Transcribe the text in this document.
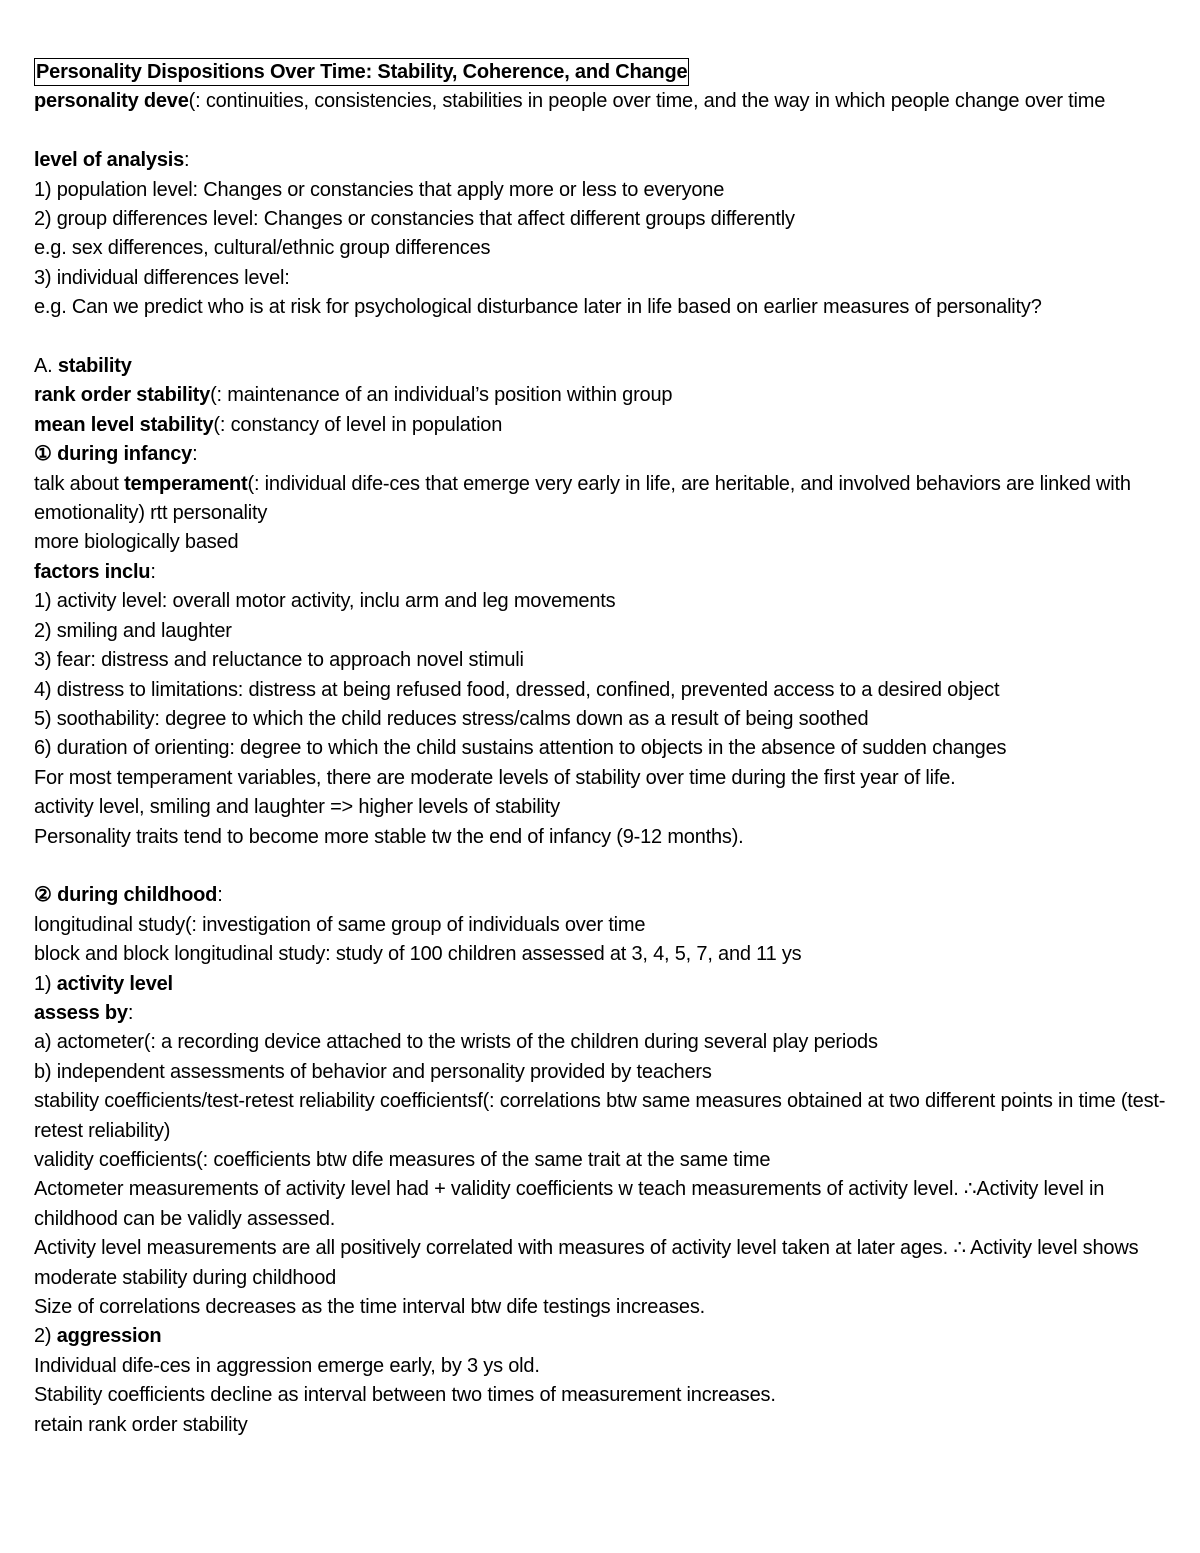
Personality Dispositions Over Time: Stability, Coherence, and Change
personality deve(: continuities, consistencies, stabilities in people over time, and the way in which people change over time
level of analysis:
1) population level: Changes or constancies that apply more or less to everyone
2) group differences level: Changes or constancies that affect different groups differently
e.g. sex differences, cultural/ethnic group differences
3) individual differences level:
e.g. Can we predict who is at risk for psychological disturbance later in life based on earlier measures of personality?
A. stability
rank order stability(: maintenance of an individual’s position within group
mean level stability(: constancy of level in population
① during infancy:
talk about temperament(: individual dife-ces that emerge very early in life, are heritable, and involved behaviors are linked with emotionality) rtt personality
more biologically based
factors inclu:
1) activity level: overall motor activity, inclu arm and leg movements
2) smiling and laughter
3) fear: distress and reluctance to approach novel stimuli
4) distress to limitations: distress at being refused food, dressed, confined, prevented access to a desired object
5) soothability: degree to which the child reduces stress/calms down as a result of being soothed
6) duration of orienting: degree to which the child sustains attention to objects in the absence of sudden changes
For most temperament variables, there are moderate levels of stability over time during the first year of life.
activity level, smiling and laughter => higher levels of stability
Personality traits tend to become more stable tw the end of infancy (9-12 months).
② during childhood:
longitudinal study(: investigation of same group of individuals over time
block and block longitudinal study: study of 100 children assessed at 3, 4, 5, 7, and 11 ys
1) activity level
assess by:
a) actometer(: a recording device attached to the wrists of the children during several play periods
b) independent assessments of behavior and personality provided by teachers
stability coefficients/test-retest reliability coefficientsf(: correlations btw same measures obtained at two different points in time (test-retest reliability)
validity coefficients(: coefficients btw dife measures of the same trait at the same time
Actometer measurements of activity level had + validity coefficients w teach measurements of activity level. ∴Activity level in childhood can be validly assessed.
Activity level measurements are all positively correlated with measures of activity level taken at later ages. ∴ Activity level shows moderate stability during childhood
Size of correlations decreases as the time interval btw dife testings increases.
2) aggression
Individual dife-ces in aggression emerge early, by 3 ys old.
Stability coefficients decline as interval between two times of measurement increases.
retain rank order stability
